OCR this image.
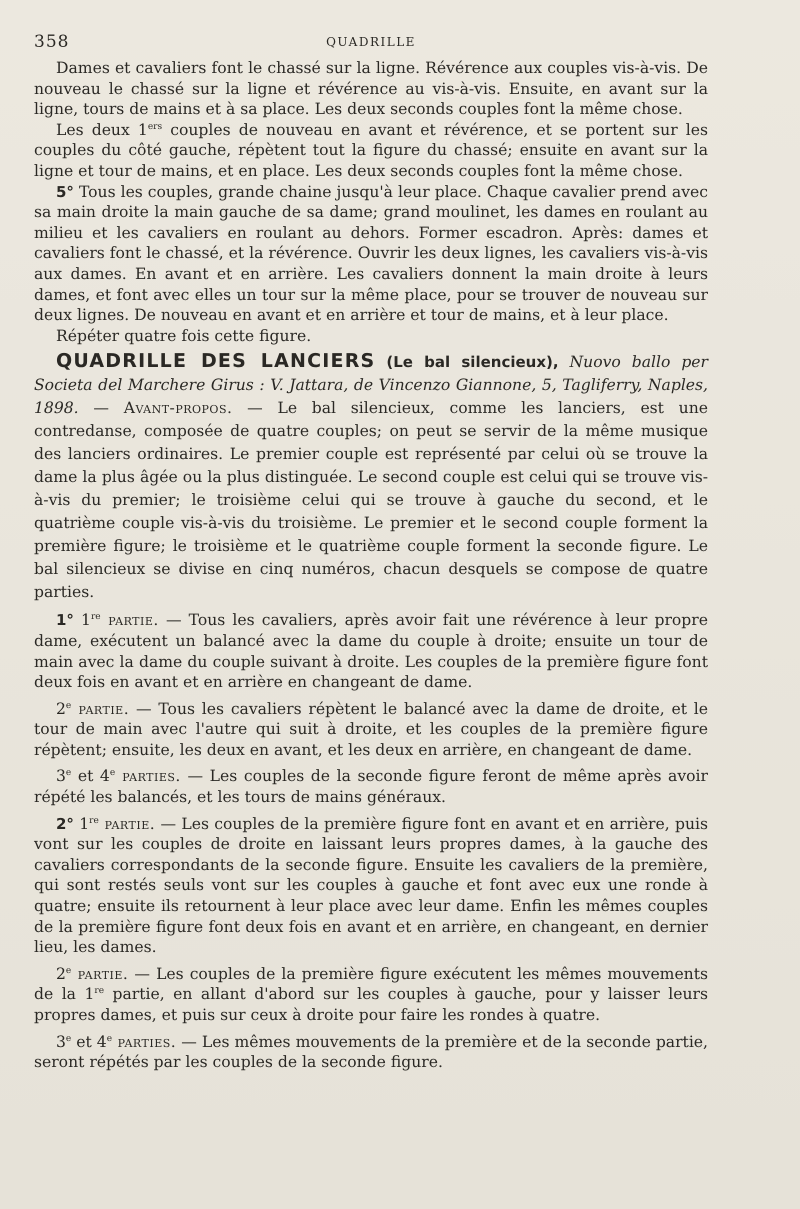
358	QUADRILLE

Dames et cavaliers font le chassé sur la ligne. Révérence aux couples vis-à-vis. De nouveau le chassé sur la ligne et révérence au vis-à-vis. Ensuite, en avant sur la ligne, tours de mains et à sa place. Les deux seconds couples font la même chose.

Les deux 1ers couples de nouveau en avant et révérence, et se portent sur les couples du côté gauche, répètent tout la figure du chassé; ensuite en avant sur la ligne et tour de mains, et en place. Les deux seconds couples font la même chose.

5° Tous les couples, grande chaine jusqu'à leur place. Chaque cavalier prend avec sa main droite la main gauche de sa dame; grand moulinet, les dames en roulant au milieu et les cavaliers en roulant au dehors. Former escadron. Après: dames et cavaliers font le chassé, et la révérence. Ouvrir les deux lignes, les cavaliers vis-à-vis aux dames. En avant et en arrière. Les cavaliers donnent la main droite à leurs dames, et font avec elles un tour sur la même place, pour se trouver de nouveau sur deux lignes. De nouveau en avant et en arrière et tour de mains, et à leur place.

Répéter quatre fois cette figure.

QUADRILLE DES LANCIERS (Le bal silencieux), Nuovo ballo per Societa del Marchere Girus : V. Jattara, de Vincenzo Giannone, 5, Tagliferry, Naples, 1898. — Avant-propos. — Le bal silencieux, comme les lanciers, est une contredanse, composée de quatre couples; on peut se servir de la même musique des lanciers ordinaires. Le premier couple est représenté par celui où se trouve la dame la plus âgée ou la plus distinguée. Le second couple est celui qui se trouve vis-à-vis du premier; le troisième celui qui se trouve à gauche du second, et le quatrième couple vis-à-vis du troisième. Le premier et le second couple forment la première figure; le troisième et le quatrième couple forment la seconde figure. Le bal silencieux se divise en cinq numéros, chacun desquels se compose de quatre parties.

1° 1re partie. — Tous les cavaliers, après avoir fait une révérence à leur propre dame, exécutent un balancé avec la dame du couple à droite; ensuite un tour de main avec la dame du couple suivant à droite. Les couples de la première figure font deux fois en avant et en arrière en changeant de dame.

2e partie. — Tous les cavaliers répètent le balancé avec la dame de droite, et le tour de main avec l'autre qui suit à droite, et les couples de la première figure répètent; ensuite, les deux en avant, et les deux en arrière, en changeant de dame.

3e et 4e parties. — Les couples de la seconde figure feront de même après avoir répété les balancés, et les tours de mains généraux.

2° 1re partie. — Les couples de la première figure font en avant et en arrière, puis vont sur les couples de droite en laissant leurs propres dames, à la gauche des cavaliers correspondants de la seconde figure. Ensuite les cavaliers de la première, qui sont restés seuls vont sur les couples à gauche et font avec eux une ronde à quatre; ensuite ils retournent à leur place avec leur dame. Enfin les mêmes couples de la première figure font deux fois en avant et en arrière, en changeant, en dernier lieu, les dames.

2e partie. — Les couples de la première figure exécutent les mêmes mouvements de la 1re partie, en allant d'abord sur les couples à gauche, pour y laisser leurs propres dames, et puis sur ceux à droite pour faire les rondes à quatre.

3e et 4e parties. — Les mêmes mouvements de la première et de la seconde partie, seront répétés par les couples de la seconde figure.
